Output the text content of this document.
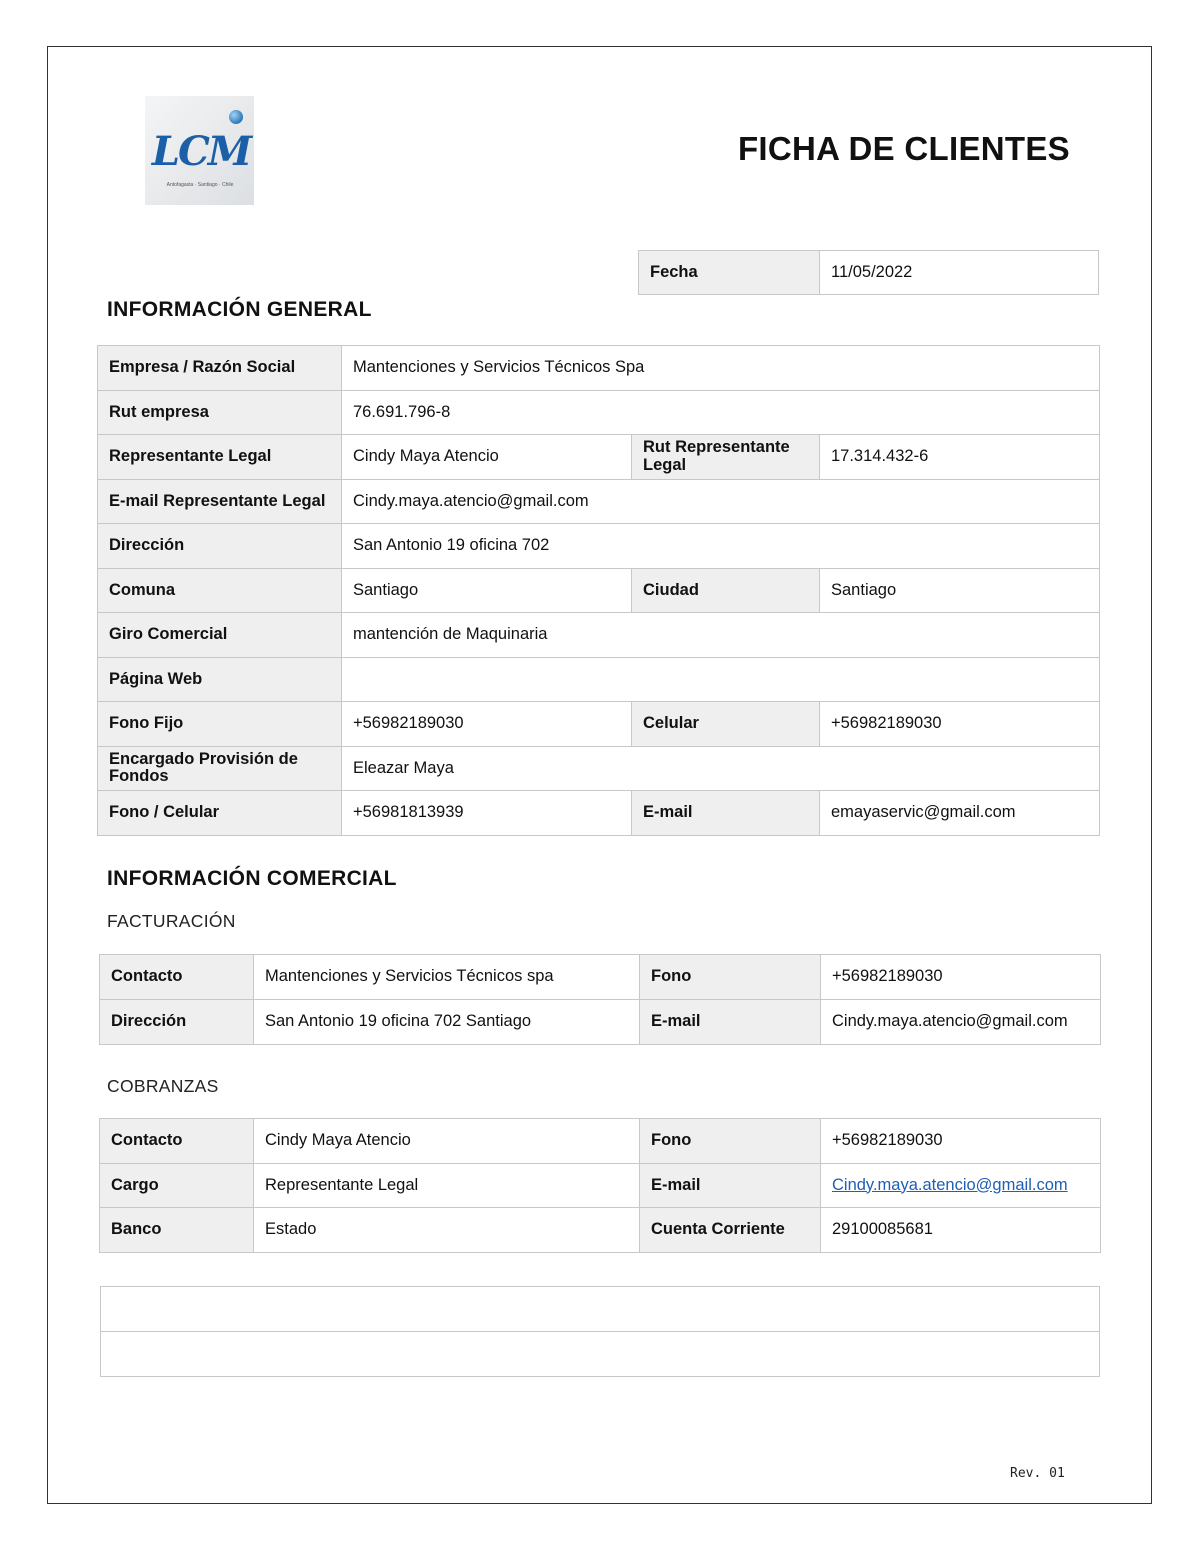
LCM
Antofagasta · Santiago · Chile
FICHA DE CLIENTES
Fecha	11/05/2022
INFORMACIÓN GENERAL
Empresa / Razón Social	Mantenciones y Servicios Técnicos Spa		
Rut empresa	76.691.796-8		
Representante Legal	Cindy Maya Atencio	Rut Representante Legal	17.314.432-6
E-mail Representante Legal	Cindy.maya.atencio@gmail.com		
Dirección	San Antonio 19 oficina 702		
Comuna	Santiago	Ciudad	Santiago
Giro Comercial	mantención de Maquinaria		
Página Web			
Fono Fijo	+56982189030	Celular	+56982189030
Encargado Provisión de Fondos	Eleazar Maya		
Fono / Celular	+56981813939	E-mail	emayaservic@gmail.com
INFORMACIÓN COMERCIAL
FACTURACIÓN
Contacto	Mantenciones y Servicios Técnicos spa	Fono	+56982189030
Dirección	San Antonio 19 oficina 702 Santiago	E-mail	Cindy.maya.atencio@gmail.com
COBRANZAS
Contacto	Cindy Maya Atencio	Fono	+56982189030
Cargo	Representante Legal	E-mail	Cindy.maya.atencio@gmail.com
Banco	Estado	Cuenta Corriente	29100085681

Rev. 01
